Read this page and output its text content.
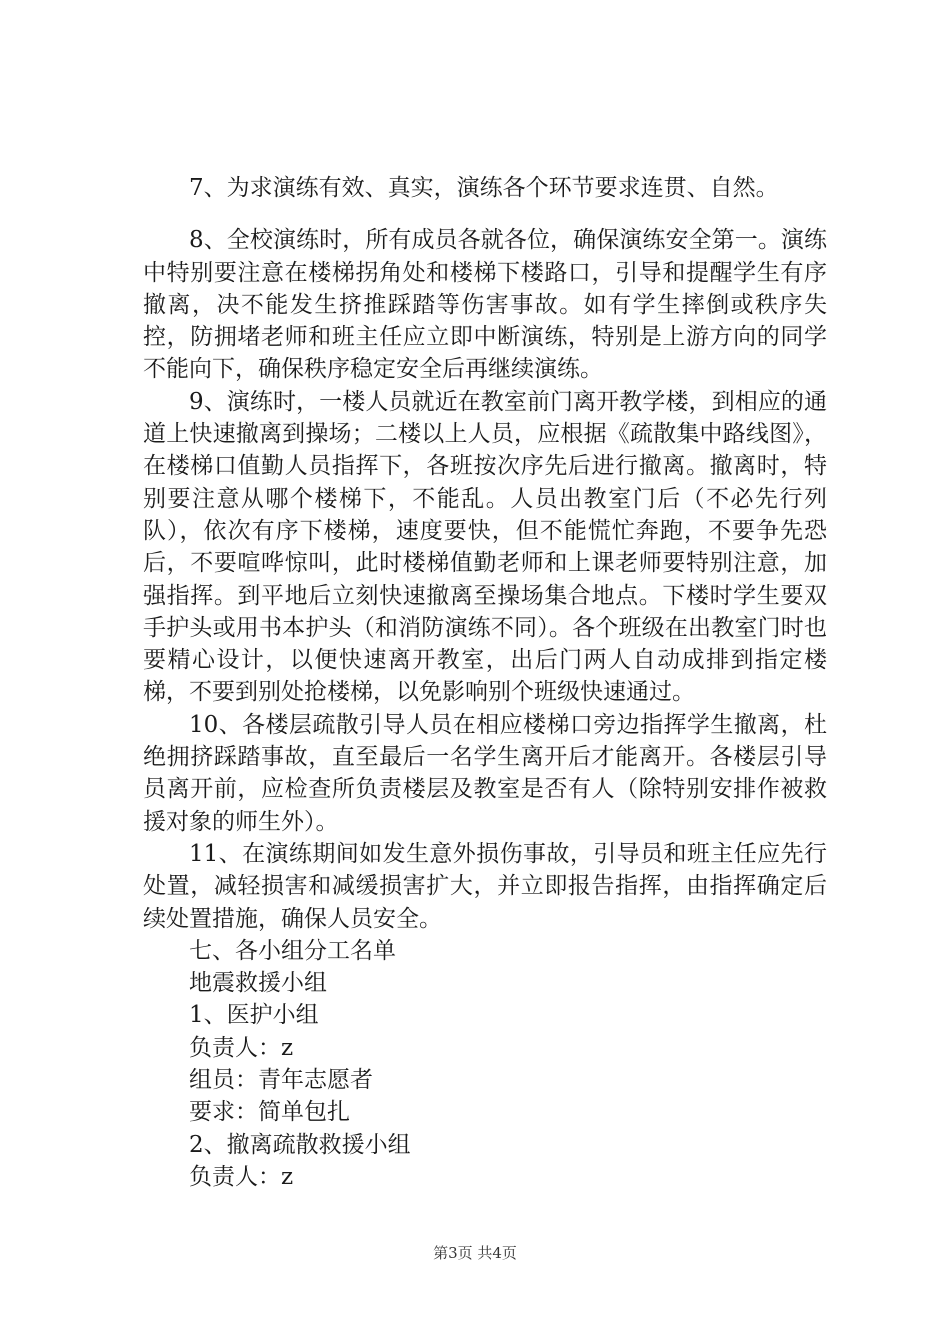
7、为求演练有效、真实，演练各个环节要求连贯、自然。

8、全校演练时，所有成员各就各位，确保演练安全第一。演练中特别要注意在楼梯拐角处和楼梯下楼路口，引导和提醒学生有序撤离，决不能发生挤推踩踏等伤害事故。如有学生摔倒或秩序失控，防拥堵老师和班主任应立即中断演练，特别是上游方向的同学不能向下，确保秩序稳定安全后再继续演练。

9、演练时，一楼人员就近在教室前门离开教学楼，到相应的通道上快速撤离到操场；二楼以上人员，应根据《疏散集中路线图》，在楼梯口值勤人员指挥下，各班按次序先后进行撤离。撤离时，特别要注意从哪个楼梯下，不能乱。人员出教室门后（不必先行列队），依次有序下楼梯，速度要快，但不能慌忙奔跑，不要争先恐后，不要喧哗惊叫，此时楼梯值勤老师和上课老师要特别注意，加强指挥。到平地后立刻快速撤离至操场集合地点。下楼时学生要双手护头或用书本护头（和消防演练不同）。各个班级在出教室门时也要精心设计，以便快速离开教室，出后门两人自动成排到指定楼梯，不要到别处抢楼梯，以免影响别个班级快速通过。

10、各楼层疏散引导人员在相应楼梯口旁边指挥学生撤离，杜绝拥挤踩踏事故，直至最后一名学生离开后才能离开。各楼层引导员离开前，应检查所负责楼层及教室是否有人（除特别安排作被救援对象的师生外）。

11、在演练期间如发生意外损伤事故，引导员和班主任应先行处置，减轻损害和减缓损害扩大，并立即报告指挥，由指挥确定后续处置措施，确保人员安全。

七、各小组分工名单
地震救援小组
1、医护小组
负责人：z
组员：青年志愿者
要求：简单包扎
2、撤离疏散救援小组
负责人：z
第3页 共4页
